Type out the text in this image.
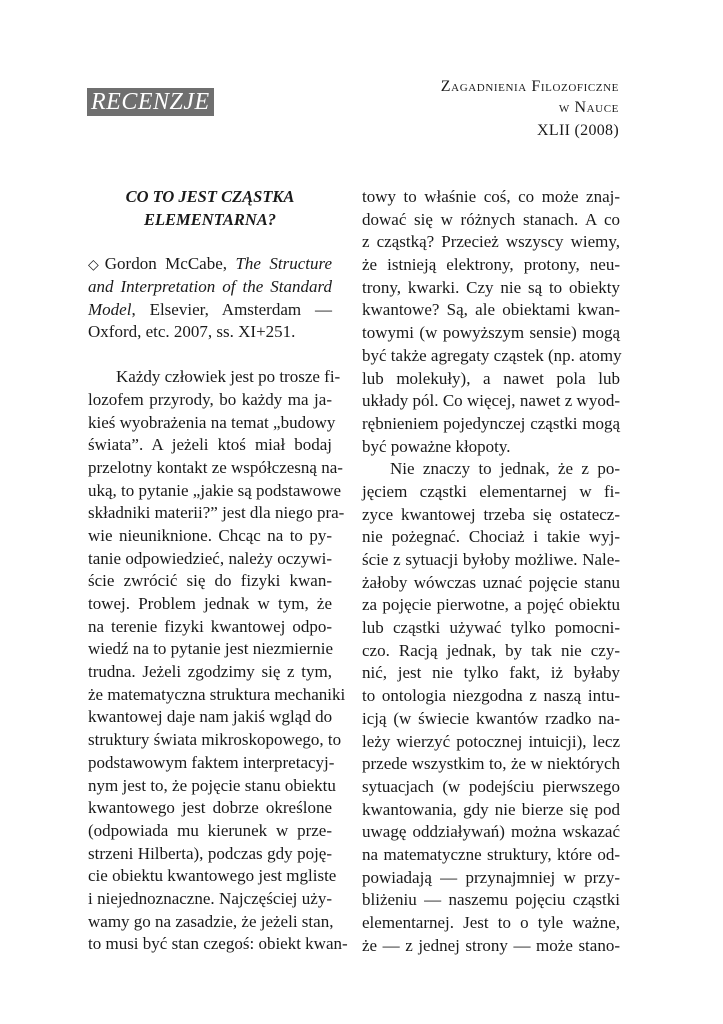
RECENZJE
Zagadnienia Filozoficzne
w Nauce
XLII (2008)
CO TO JEST CZĄSTKA
ELEMENTARNA?
◇ Gordon McCabe, The Structure
and Interpretation of the Standard
Model, Elsevier, Amsterdam —
Oxford, etc. 2007, ss. XI+251.
Każdy człowiek jest po trosze fi-
lozofem przyrody, bo każdy ma ja-
kieś wyobrażenia na temat „budowy
świata”. A jeżeli ktoś miał bodaj
przelotny kontakt ze współczesną na-
uką, to pytanie „jakie są podstawowe
składniki materii?” jest dla niego pra-
wie nieuniknione. Chcąc na to py-
tanie odpowiedzieć, należy oczywi-
ście zwrócić się do fizyki kwan-
towej. Problem jednak w tym, że
na terenie fizyki kwantowej odpo-
wiedź na to pytanie jest niezmiernie
trudna. Jeżeli zgodzimy się z tym,
że matematyczna struktura mechaniki
kwantowej daje nam jakiś wgląd do
struktury świata mikroskopowego, to
podstawowym faktem interpretacyj-
nym jest to, że pojęcie stanu obiektu
kwantowego jest dobrze określone
(odpowiada mu kierunek w prze-
strzeni Hilberta), podczas gdy poję-
cie obiektu kwantowego jest mgliste
i niejednoznaczne. Najczęściej uży-
wamy go na zasadzie, że jeżeli stan,
to musi być stan czegoś: obiekt kwan-
towy to właśnie coś, co może znaj-
dować się w różnych stanach. A co
z cząstką? Przecież wszyscy wiemy,
że istnieją elektrony, protony, neu-
trony, kwarki. Czy nie są to obiekty
kwantowe? Są, ale obiektami kwan-
towymi (w powyższym sensie) mogą
być także agregaty cząstek (np. atomy
lub molekuły), a nawet pola lub
układy pól. Co więcej, nawet z wyod-
rębnieniem pojedynczej cząstki mogą
być poważne kłopoty.
Nie znaczy to jednak, że z po-
jęciem cząstki elementarnej w fi-
zyce kwantowej trzeba się ostatecz-
nie pożegnać. Chociaż i takie wyj-
ście z sytuacji byłoby możliwe. Nale-
żałoby wówczas uznać pojęcie stanu
za pojęcie pierwotne, a pojęć obiektu
lub cząstki używać tylko pomocni-
czo. Racją jednak, by tak nie czy-
nić, jest nie tylko fakt, iż byłaby
to ontologia niezgodna z naszą intu-
icją (w świecie kwantów rzadko na-
leży wierzyć potocznej intuicji), lecz
przede wszystkim to, że w niektórych
sytuacjach (w podejściu pierwszego
kwantowania, gdy nie bierze się pod
uwagę oddziaływań) można wskazać
na matematyczne struktury, które od-
powiadają — przynajmniej w przy-
bliżeniu — naszemu pojęciu cząstki
elementarnej. Jest to o tyle ważne,
że — z jednej strony — może stano-
